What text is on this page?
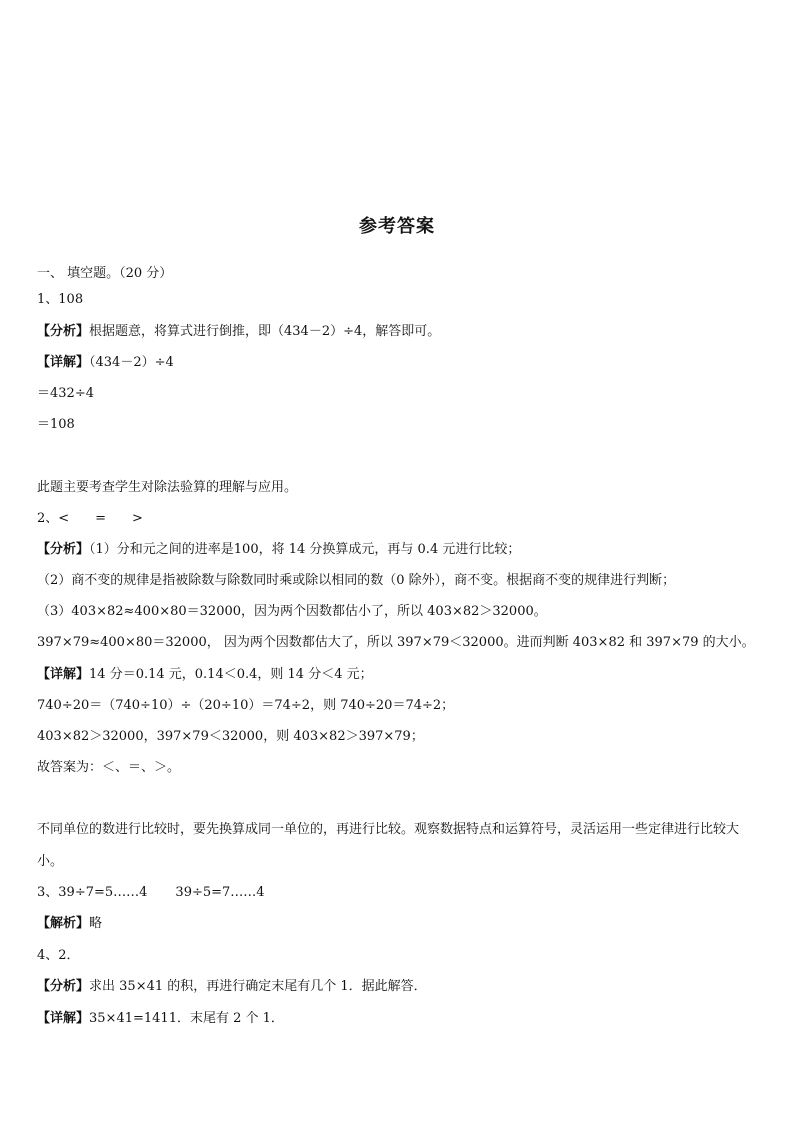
参考答案
一、 填空题。（20 分）
1、108
【分析】根据题意，将算式进行倒推，即（434－2）÷4，解答即可。
【详解】（434－2）÷4
＝432÷4
＝108
此题主要考查学生对除法验算的理解与应用。
2、<　　=　　>
【分析】（1）分和元之间的进率是100，将 14 分换算成元，再与 0.4 元进行比较；
（2）商不变的规律是指被除数与除数同时乘或除以相同的数（0 除外），商不变。根据商不变的规律进行判断；
（3）403×82≈400×80＝32000，因为两个因数都估小了，所以 403×82＞32000。
397×79≈400×80＝32000， 因为两个因数都估大了，所以 397×79＜32000。进而判断 403×82 和 397×79 的大小。
【详解】14 分＝0.14 元，0.14＜0.4，则 14 分＜4 元；
740÷20＝（740÷10）÷（20÷10）＝74÷2，则 740÷20＝74÷2；
403×82＞32000，397×79＜32000，则 403×82＞397×79；
故答案为：＜、＝、＞。
不同单位的数进行比较时，要先换算成同一单位的，再进行比较。观察数据特点和运算符号，灵活运用一些定律进行比较大小。
3、39÷7=5……4 39÷5=7……4
【解析】略
4、2．
【分析】求出 35×41 的积，再进行确定末尾有几个 1．据此解答．
【详解】35×41=1411．末尾有 2 个 1．
